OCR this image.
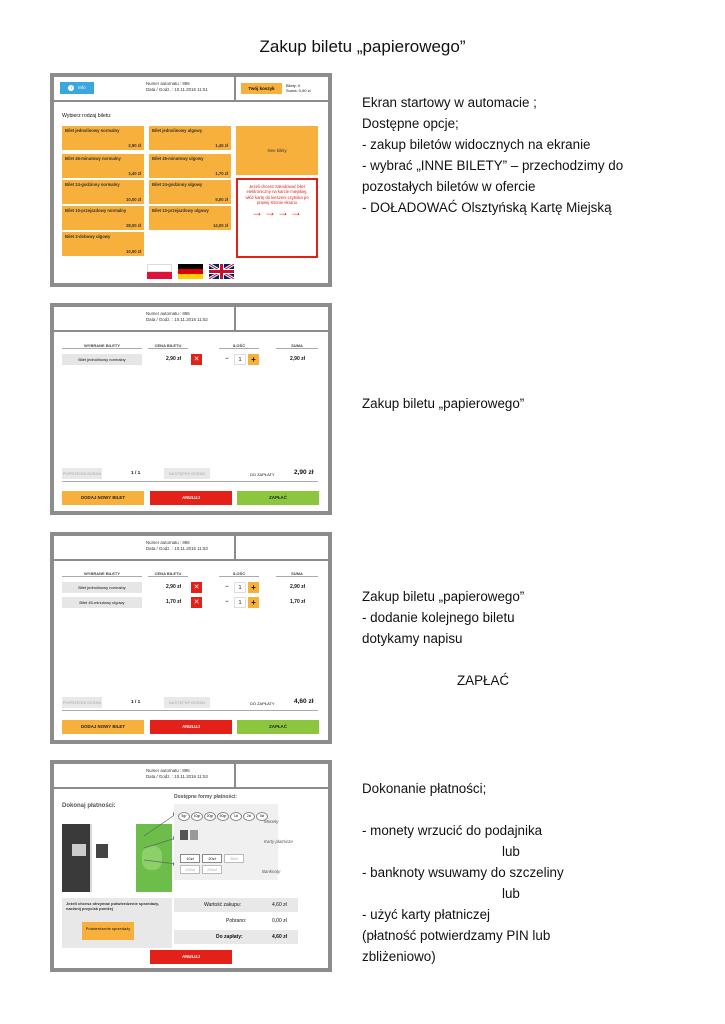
Zakup biletu „papierowego”
i Info
Numer automatu : 896
Data / Godz. : 10.11.2016 11:51	Twój koszyk
Bilety: 0
Suma: 0,00 zł
Wybierz rodzaj biletu:
Bilet jednolinowy normalny
2,90 zł
Bilet jednolinowy ulgowy
1,45 zł
Bilet 45-minutowy normalny
3,40 zł
Bilet 45-minutowy ulgowy
1,70 zł
Bilet 24-godzinny normalny
10,00 zł
Bilet 24-godzinny ulgowy
5,00 zł
Bilet 10-przejazdowy normalny
28,00 zł
Bilet 10-przejazdowy ulgowy
14,00 zł
Bilet 3-dobowy ulgowy
10,00 zł
Inne bilety
Jeżeli chcesz zakodować bilet elektroniczny na karcie miejskiej, włóż kartę do kieszeni czytnika po prawej stronie ekranu
→→→→
Numer automatu : 896
Data / Godz. : 10.11.2016 11:52
WYBRANE BILETY	CENA BILETU	ILOŚĆ	SUMA
Bilet jednolinowy normalny	2,90 zł	✕	−	1	+	2,90 zł
POPRZEDNI EKRAN	1 / 1	NASTĘPNY EKRAN	DO ZAPŁATY	2,90 zł
DODAJ NOWY BILET	ANULUJ	ZAPŁAĆ
Numer automatu : 896
Data / Godz. : 10.11.2016 11:53
WYBRANE BILETY	CENA BILETU	ILOŚĆ	SUMA
Bilet jednolinowy normalny	2,90 zł	✕	−	1	+	2,90 zł
Bilet 45-minutowy ulgowy	1,70 zł	✕	−	1	+	1,70 zł
POPRZEDNI EKRAN	1 / 1	NASTĘPNY EKRAN	DO ZAPŁATY	4,60 zł
DODAJ NOWY BILET	ANULUJ	ZAPŁAĆ
Numer automatu : 896
Data / Godz. : 10.11.2016 11:53
Dokonaj płatności:
Dostępne formy płatności:
5gr	10gr	20gr	50gr	1zł	2zł	5zł
Monety
Karty płatnicze
10zł	20zł	50zł
100zł	200zł	Banknoty
Jeżeli chcesz otrzymać potwierdzenie sprzedaży, naciśnij przycisk poniżej
Potwierdzenie sprzedaży
Wartość zakupu:	4,60 zł
Pobrano:	0,00 zł
Do zapłaty:	4,60 zł
ANULUJ
Ekran startowy w automacie ;
Dostępne opcje;
- zakup biletów widocznych na ekranie
- wybrać „INNE BILETY” – przechodzimy do
pozostałych biletów w ofercie
- DOŁADOWAĆ Olsztyńską Kartę Miejską
Zakup biletu „papierowego”
Zakup biletu „papierowego”
- dodanie kolejnego biletu
dotykamy napisu
ZAPŁAĆ
Dokonanie płatności;
- monety wrzucić do podajnika
lub
- banknoty wsuwamy do szczeliny
lub
- użyć karty płatniczej
(płatność potwierdzamy PIN lub
zbliżeniowo)
